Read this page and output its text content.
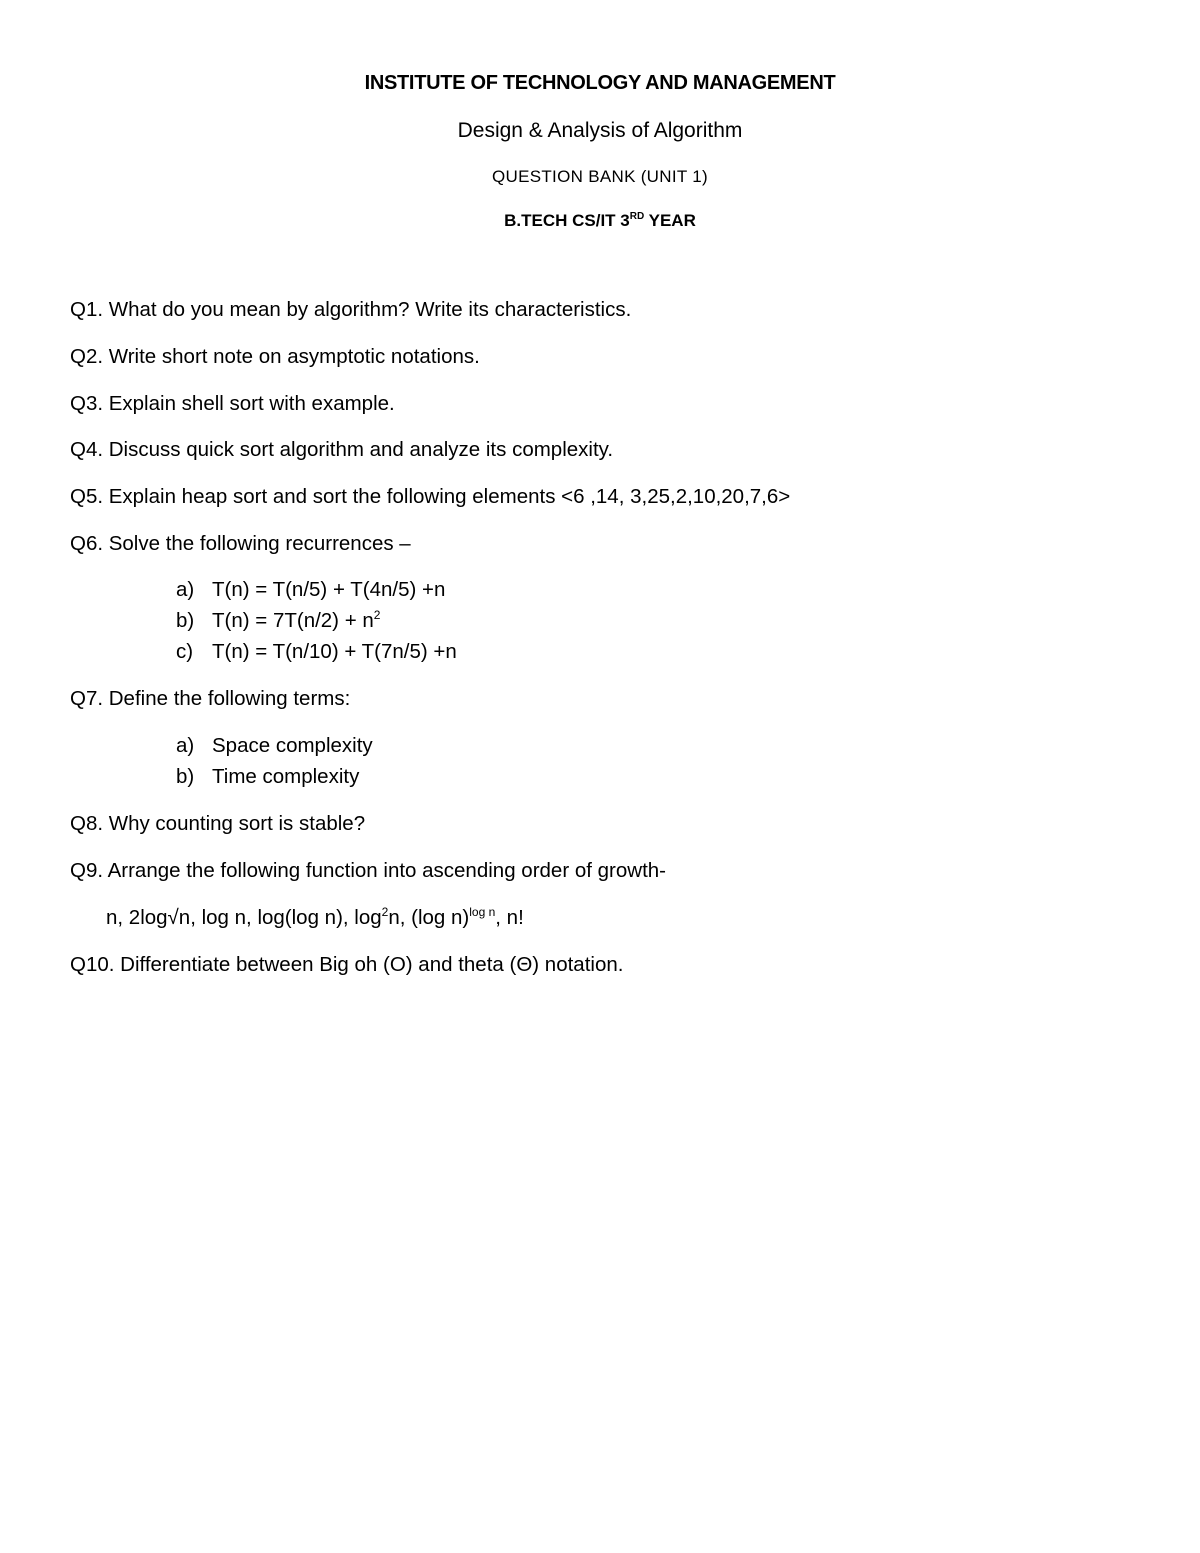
INSTITUTE OF TECHNOLOGY AND MANAGEMENT
Design & Analysis of Algorithm
QUESTION BANK (UNIT 1)
B.TECH CS/IT 3RD YEAR
Q1. What do you mean by algorithm? Write its characteristics.
Q2. Write short note on asymptotic notations.
Q3. Explain shell sort with example.
Q4. Discuss quick sort algorithm and analyze its complexity.
Q5. Explain heap sort and sort the following elements <6 ,14, 3,25,2,10,20,7,6>
Q6. Solve the following recurrences –
a) T(n) = T(n/5) + T(4n/5) +n
b) $T(n) = 7T(n/2) + n^2$
c) T(n) = T(n/10) + T(7n/5) +n
Q7. Define the following terms:
a) Space complexity
b) Time complexity
Q8. Why counting sort is stable?
Q9. Arrange the following function into ascending order of growth-
n, 2log√n, log n, log(log n), $\log^2n$, (log n)$^{log n}$, n!
Q10. Differentiate between Big oh (O) and theta (Θ) notation.
